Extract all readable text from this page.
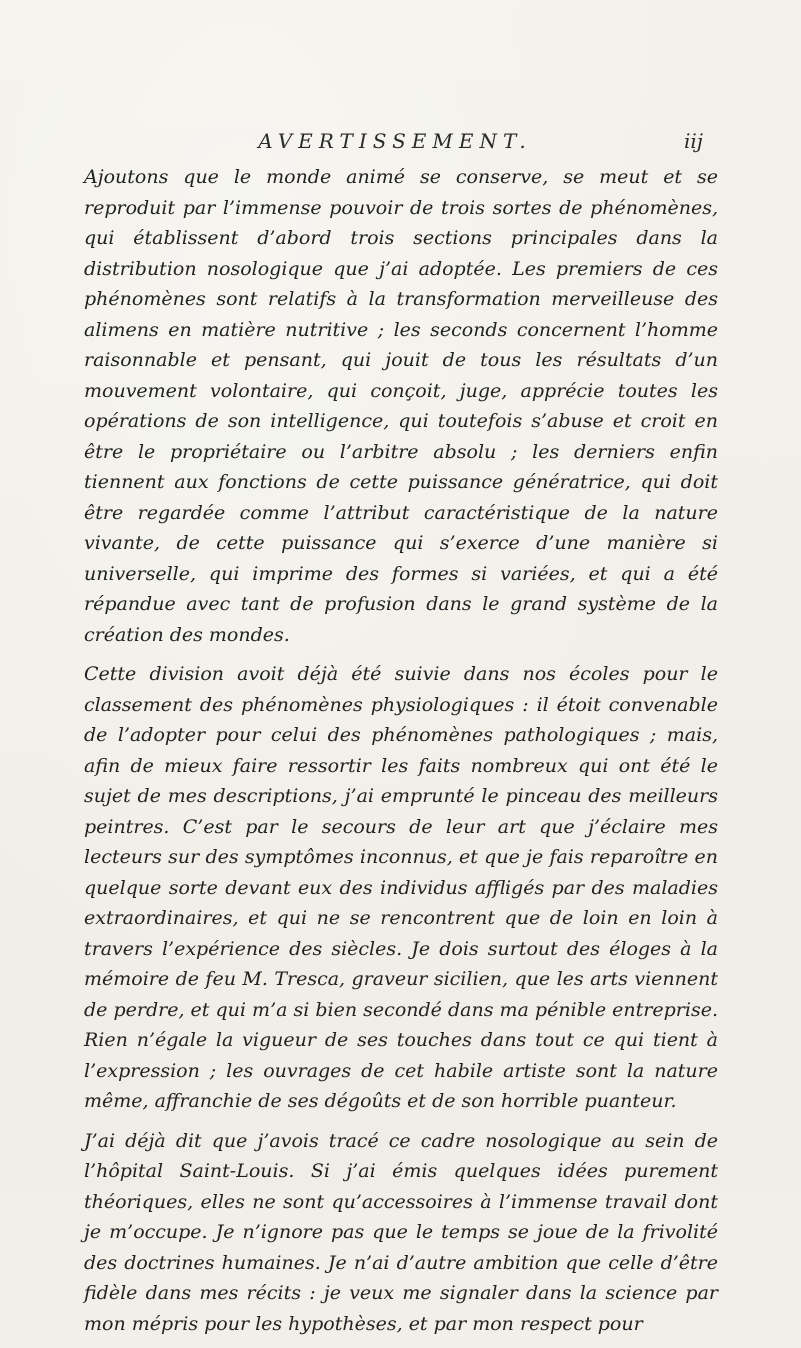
AVERTISSEMENT.	iij

Ajoutons que le monde animé se conserve, se meut et se reproduit par l’immense pouvoir de trois sortes de phénomènes, qui établissent d’abord trois sections principales dans la distribution nosologique que j’ai adoptée. Les premiers de ces phénomènes sont relatifs à la transformation merveilleuse des alimens en matière nutritive ; les seconds concernent l’homme raisonnable et pensant, qui jouit de tous les résultats d’un mouvement volontaire, qui conçoit, juge, apprécie toutes les opérations de son intelligence, qui toutefois s’abuse et croit en être le propriétaire ou l’arbitre absolu ; les derniers enfin tiennent aux fonctions de cette puissance génératrice, qui doit être regardée comme l’attribut caractéristique de la nature vivante, de cette puissance qui s’exerce d’une manière si universelle, qui imprime des formes si variées, et qui a été répandue avec tant de profusion dans le grand système de la création des mondes.

Cette division avoit déjà été suivie dans nos écoles pour le classement des phénomènes physiologiques : il étoit convenable de l’adopter pour celui des phénomènes pathologiques ; mais, afin de mieux faire ressortir les faits nombreux qui ont été le sujet de mes descriptions, j’ai emprunté le pinceau des meilleurs peintres. C’est par le secours de leur art que j’éclaire mes lecteurs sur des symptômes inconnus, et que je fais reparoître en quelque sorte devant eux des individus affligés par des maladies extraordinaires, et qui ne se rencontrent que de loin en loin à travers l’expérience des siècles. Je dois surtout des éloges à la mémoire de feu M. Tresca, graveur sicilien, que les arts viennent de perdre, et qui m’a si bien secondé dans ma pénible entreprise. Rien n’égale la vigueur de ses touches dans tout ce qui tient à l’expression ; les ouvrages de cet habile artiste sont la nature même, affranchie de ses dégoûts et de son horrible puanteur.

J’ai déjà dit que j’avois tracé ce cadre nosologique au sein de l’hôpital Saint-Louis. Si j’ai émis quelques idées purement théoriques, elles ne sont qu’accessoires à l’immense travail dont je m’occupe. Je n’ignore pas que le temps se joue de la frivolité des doctrines humaines. Je n’ai d’autre ambition que celle d’être fidèle dans mes récits : je veux me signaler dans la science par mon mépris pour les hypothèses, et par mon respect pour
